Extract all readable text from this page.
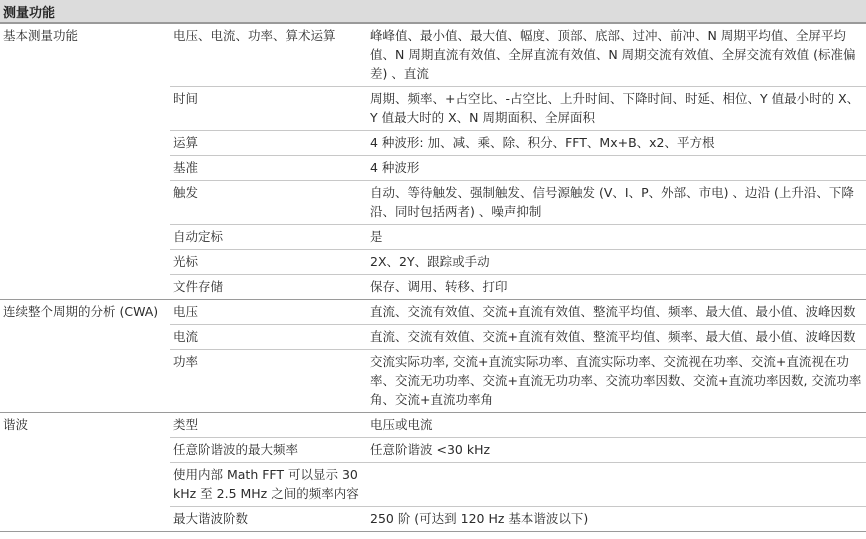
测量功能
基本测量功能	电压、电流、功率、算术运算	峰峰值、最小值、最大值、幅度、顶部、底部、过冲、前冲、N 周期平均值、全屏平均值、N 周期直流有效值、全屏直流有效值、N 周期交流有效值、全屏交流有效值 (标准偏差) 、直流
	时间	周期、频率、+占空比、-占空比、上升时间、下降时间、时延、相位、Y 值最小时的 X、Y 值最大时的 X、N 周期面积、全屏面积
	运算	4 种波形: 加、减、乘、除、积分、FFT、Mx+B、x2、平方根
	基准	4 种波形
	触发	自动、等待触发、强制触发、信号源触发 (V、I、P、外部、市电) 、边沿 (上升沿、下降沿、同时包括两者) 、噪声抑制
	自动定标	是
	光标	2X、2Y、跟踪或手动
	文件存储	保存、调用、转移、打印
连续整个周期的分析 (CWA)	电压	直流、交流有效值、交流+直流有效值、整流平均值、频率、最大值、最小值、波峰因数
	电流	直流、交流有效值、交流+直流有效值、整流平均值、频率、最大值、最小值、波峰因数
	功率	交流实际功率, 交流+直流实际功率、直流实际功率、交流视在功率、交流+直流视在功率、交流无功功率、交流+直流无功功率、交流功率因数、交流+直流功率因数, 交流功率角、交流+直流功率角
谐波	类型	电压或电流
	任意阶谐波的最大频率	任意阶谐波 <30 kHz
	使用内部 Math FFT 可以显示 30 kHz 至 2.5 MHz 之间的频率内容	
	最大谐波阶数	250 阶 (可达到 120 Hz 基本谐波以下)
